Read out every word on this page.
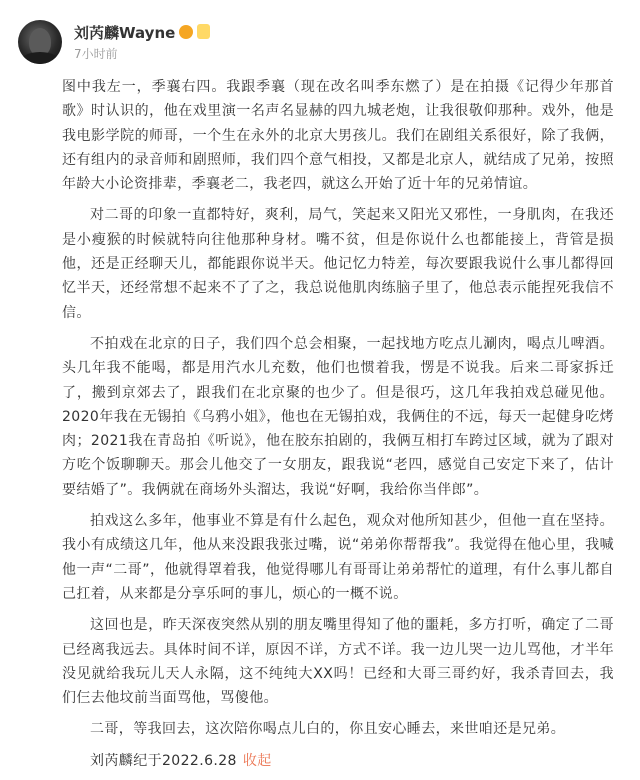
刘芮麟Wayne
7小时前

图中我左一，季襄右四。我跟季襄（现在改名叫季东燃了）是在拍摄《记得少年那首歌》时认识的，他在戏里演一名声名显赫的四九城老炮，让我很敬仰那种。戏外，他是我电影学院的师哥，一个生在永外的北京大男孩儿。我们在剧组关系很好，除了我俩，还有组内的录音师和剧照师，我们四个意气相投，又都是北京人，就结成了兄弟，按照年龄大小论资排辈，季襄老二，我老四，就这么开始了近十年的兄弟情谊。

对二哥的印象一直都特好，爽利，局气，笑起来又阳光又邪性，一身肌肉，在我还是小瘦猴的时候就特向往他那种身材。嘴不贫，但是你说什么也都能接上，背管是损他，还是正经聊天儿，都能跟你说半天。他记忆力特差，每次要跟我说什么事儿都得回忆半天，还经常想不起来不了了之，我总说他肌肉练脑子里了，他总表示能捏死我信不信。

不拍戏在北京的日子，我们四个总会相聚，一起找地方吃点儿涮肉，喝点儿啤酒。头几年我不能喝，都是用汽水儿充数，他们也惯着我，愣是不说我。后来二哥家拆迁了，搬到京郊去了，跟我们在北京聚的也少了。但是很巧，这几年我拍戏总碰见他。2020年我在无锡拍《乌鸦小姐》，他也在无锡拍戏，我俩住的不远，每天一起健身吃烤肉；2021我在青岛拍《听说》，他在胶东拍剧的，我俩互相打车跨过区域，就为了跟对方吃个饭聊聊天。那会儿他交了一女朋友，跟我说“老四，感觉自己安定下来了，估计要结婚了”。我俩就在商场外头溜达，我说“好啊，我给你当伴郎”。

拍戏这么多年，他事业不算是有什么起色，观众对他所知甚少，但他一直在坚持。我小有成绩这几年，他从来没跟我张过嘴，说“弟弟你帮帮我”。我觉得在他心里，我喊他一声“二哥”，他就得罩着我，他觉得哪儿有哥哥让弟弟帮忙的道理，有什么事儿都自己扛着，从来都是分享乐呵的事儿，烦心的一概不说。

这回也是，昨天深夜突然从别的朋友嘴里得知了他的噩耗，多方打听，确定了二哥已经离我远去。具体时间不详，原因不详，方式不详。我一边儿哭一边儿骂他，才半年没见就给我玩儿天人永隔，这不纯纯大XX吗！已经和大哥三哥约好，我杀青回去，我们仨去他坟前当面骂他，骂傻他。

二哥，等我回去，这次陪你喝点儿白的，你且安心睡去，来世咱还是兄弟。

刘芮麟纪于2022.6.28 收起
